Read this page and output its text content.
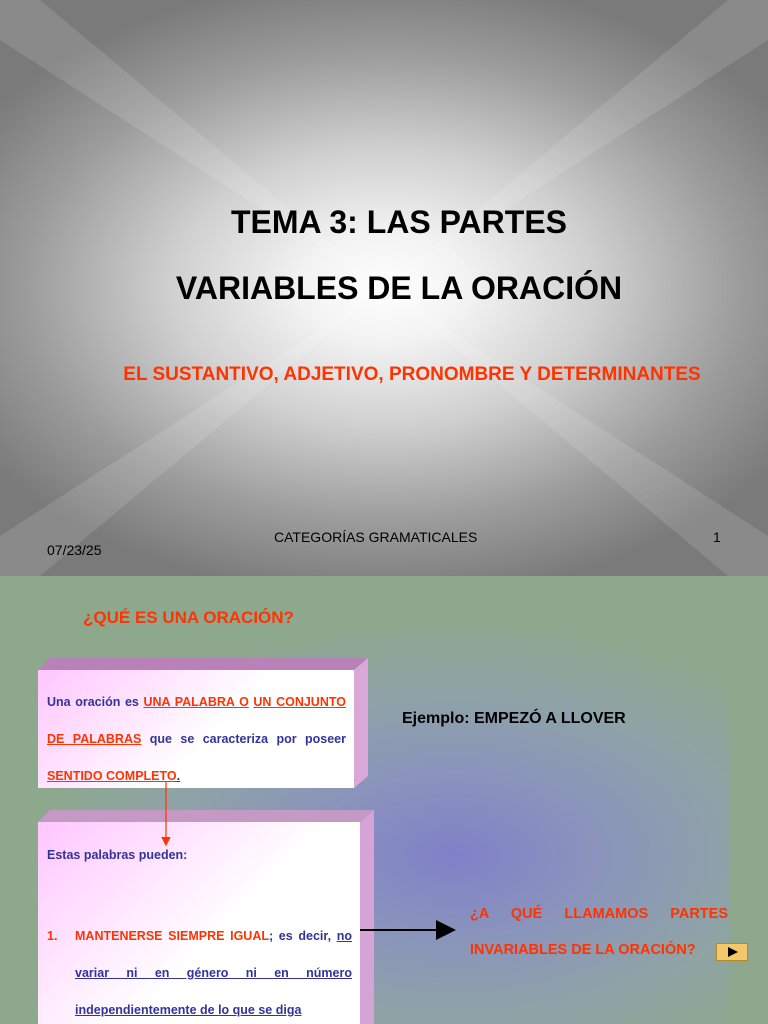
TEMA 3: LAS PARTES
VARIABLES DE LA ORACIÓN
EL SUSTANTIVO, ADJETIVO, PRONOMBRE Y DETERMINANTES
07/23/25
CATEGORÍAS GRAMATICALES	1
¿QUÉ ES UNA ORACIÓN?
Una oración es UNA PALABRA O UN CONJUNTO DE PALABRAS que se caracteriza por poseer SENTIDO COMPLETO.
Ejemplo: EMPEZÓ A LLOVER
Estas palabras pueden:
1. MANTENERSE SIEMPRE IGUAL; es decir, no variar ni en género ni en número independientemente de lo que se diga
¿A QUÉ LLAMAMOS PARTES INVARIABLES DE LA ORACIÓN?
